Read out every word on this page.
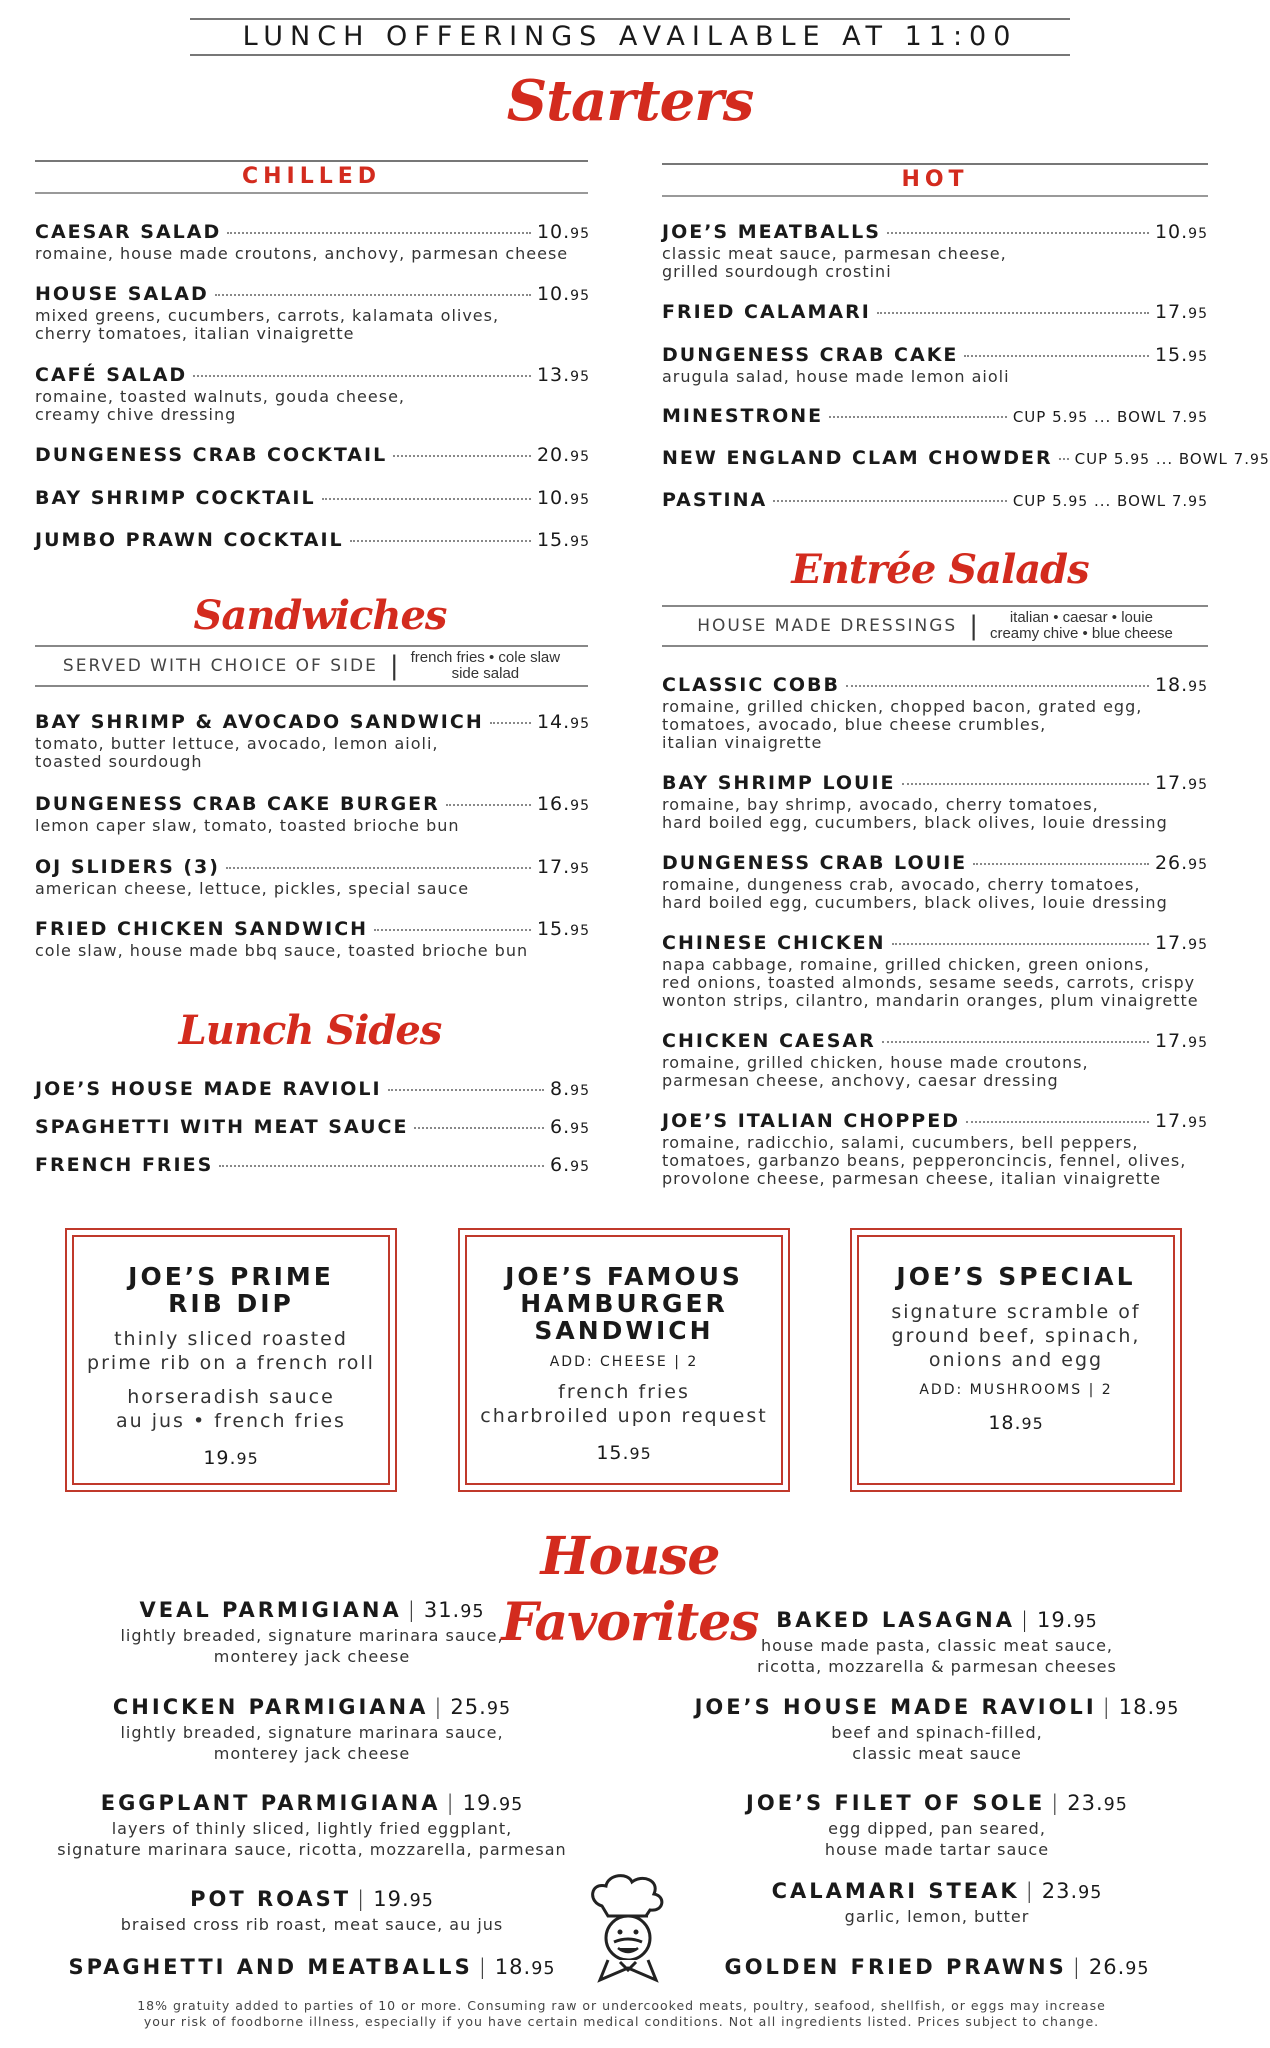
LUNCH OFFERINGS AVAILABLE AT 11:00
Starters
CHILLED
CAESAR SALAD	10.95
romaine, house made croutons, anchovy, parmesan cheese
HOUSE SALAD	10.95
mixed greens, cucumbers, carrots, kalamata olives,
cherry tomatoes, italian vinaigrette
CAFÉ SALAD	13.95
romaine, toasted walnuts, gouda cheese,
creamy chive dressing
DUNGENESS CRAB COCKTAIL	20.95
BAY SHRIMP COCKTAIL	10.95
JUMBO PRAWN COCKTAIL	15.95
HOT
JOE’S MEATBALLS	10.95
classic meat sauce, parmesan cheese,
grilled sourdough crostini
FRIED CALAMARI	17.95
DUNGENESS CRAB CAKE	15.95
arugula salad, house made lemon aioli
MINESTRONE	CUP 5.95 ... BOWL 7.95
NEW ENGLAND CLAM CHOWDER CUP 5.95 ... BOWL 7.95
PASTINA	CUP 5.95 ... BOWL 7.95
Sandwiches
SERVED WITH CHOICE OF SIDE | french fries • cole slaw
side salad
BAY SHRIMP & AVOCADO SANDWICH	14.95
tomato, butter lettuce, avocado, lemon aioli,
toasted sourdough
DUNGENESS CRAB CAKE BURGER	16.95
lemon caper slaw, tomato, toasted brioche bun
OJ SLIDERS (3)	17.95
american cheese, lettuce, pickles, special sauce
FRIED CHICKEN SANDWICH	15.95
cole slaw, house made bbq sauce, toasted brioche bun
Lunch Sides
JOE’S HOUSE MADE RAVIOLI	8.95
SPAGHETTI WITH MEAT SAUCE	6.95
FRENCH FRIES	6.95
Entrée Salads
HOUSE MADE DRESSINGS |	italian • caesar • louie
creamy chive • blue cheese
CLASSIC COBB	18.95
romaine, grilled chicken, chopped bacon, grated egg,
tomatoes, avocado, blue cheese crumbles,
italian vinaigrette
BAY SHRIMP LOUIE	17.95
romaine, bay shrimp, avocado, cherry tomatoes,
hard boiled egg, cucumbers, black olives, louie dressing
DUNGENESS CRAB LOUIE	26.95
romaine, dungeness crab, avocado, cherry tomatoes,
hard boiled egg, cucumbers, black olives, louie dressing
CHINESE CHICKEN	17.95
napa cabbage, romaine, grilled chicken, green onions,
red onions, toasted almonds, sesame seeds, carrots, crispy
wonton strips, cilantro, mandarin oranges, plum vinaigrette
CHICKEN CAESAR	17.95
romaine, grilled chicken, house made croutons,
parmesan cheese, anchovy, caesar dressing
JOE’S ITALIAN CHOPPED	17.95
romaine, radicchio, salami, cucumbers, bell peppers,
tomatoes, garbanzo beans, pepperoncincis, fennel, olives,
provolone cheese, parmesan cheese, italian vinaigrette
JOE’S PRIME
RIB DIP
thinly sliced roasted
prime rib on a french roll
horseradish sauce
au jus • french fries
19.95
JOE’S FAMOUS
HAMBURGER
SANDWICH
ADD: CHEESE | 2
french fries
charbroiled upon request
15.95
JOE’S SPECIAL
signature scramble of
ground beef, spinach,
onions and egg
ADD: MUSHROOMS | 2
18.95
House Favorites
VEAL PARMIGIANA | 31.95
lightly breaded, signature marinara sauce,
monterey jack cheese
CHICKEN PARMIGIANA | 25.95
lightly breaded, signature marinara sauce,
monterey jack cheese
EGGPLANT PARMIGIANA | 19.95
layers of thinly sliced, lightly fried eggplant,
signature marinara sauce, ricotta, mozzarella, parmesan
POT ROAST | 19.95
braised cross rib roast, meat sauce, au jus
SPAGHETTI AND MEATBALLS | 18.95
BAKED LASAGNA | 19.95
house made pasta, classic meat sauce,
ricotta, mozzarella & parmesan cheeses
JOE’S HOUSE MADE RAVIOLI | 18.95
beef and spinach-filled,
classic meat sauce
JOE’S FILET OF SOLE | 23.95
egg dipped, pan seared,
house made tartar sauce
CALAMARI STEAK | 23.95
garlic, lemon, butter
GOLDEN FRIED PRAWNS | 26.95
18% gratuity added to parties of 10 or more. Consuming raw or undercooked meats, poultry, seafood, shellfish, or eggs may increase
your risk of foodborne illness, especially if you have certain medical conditions. Not all ingredients listed. Prices subject to change.
